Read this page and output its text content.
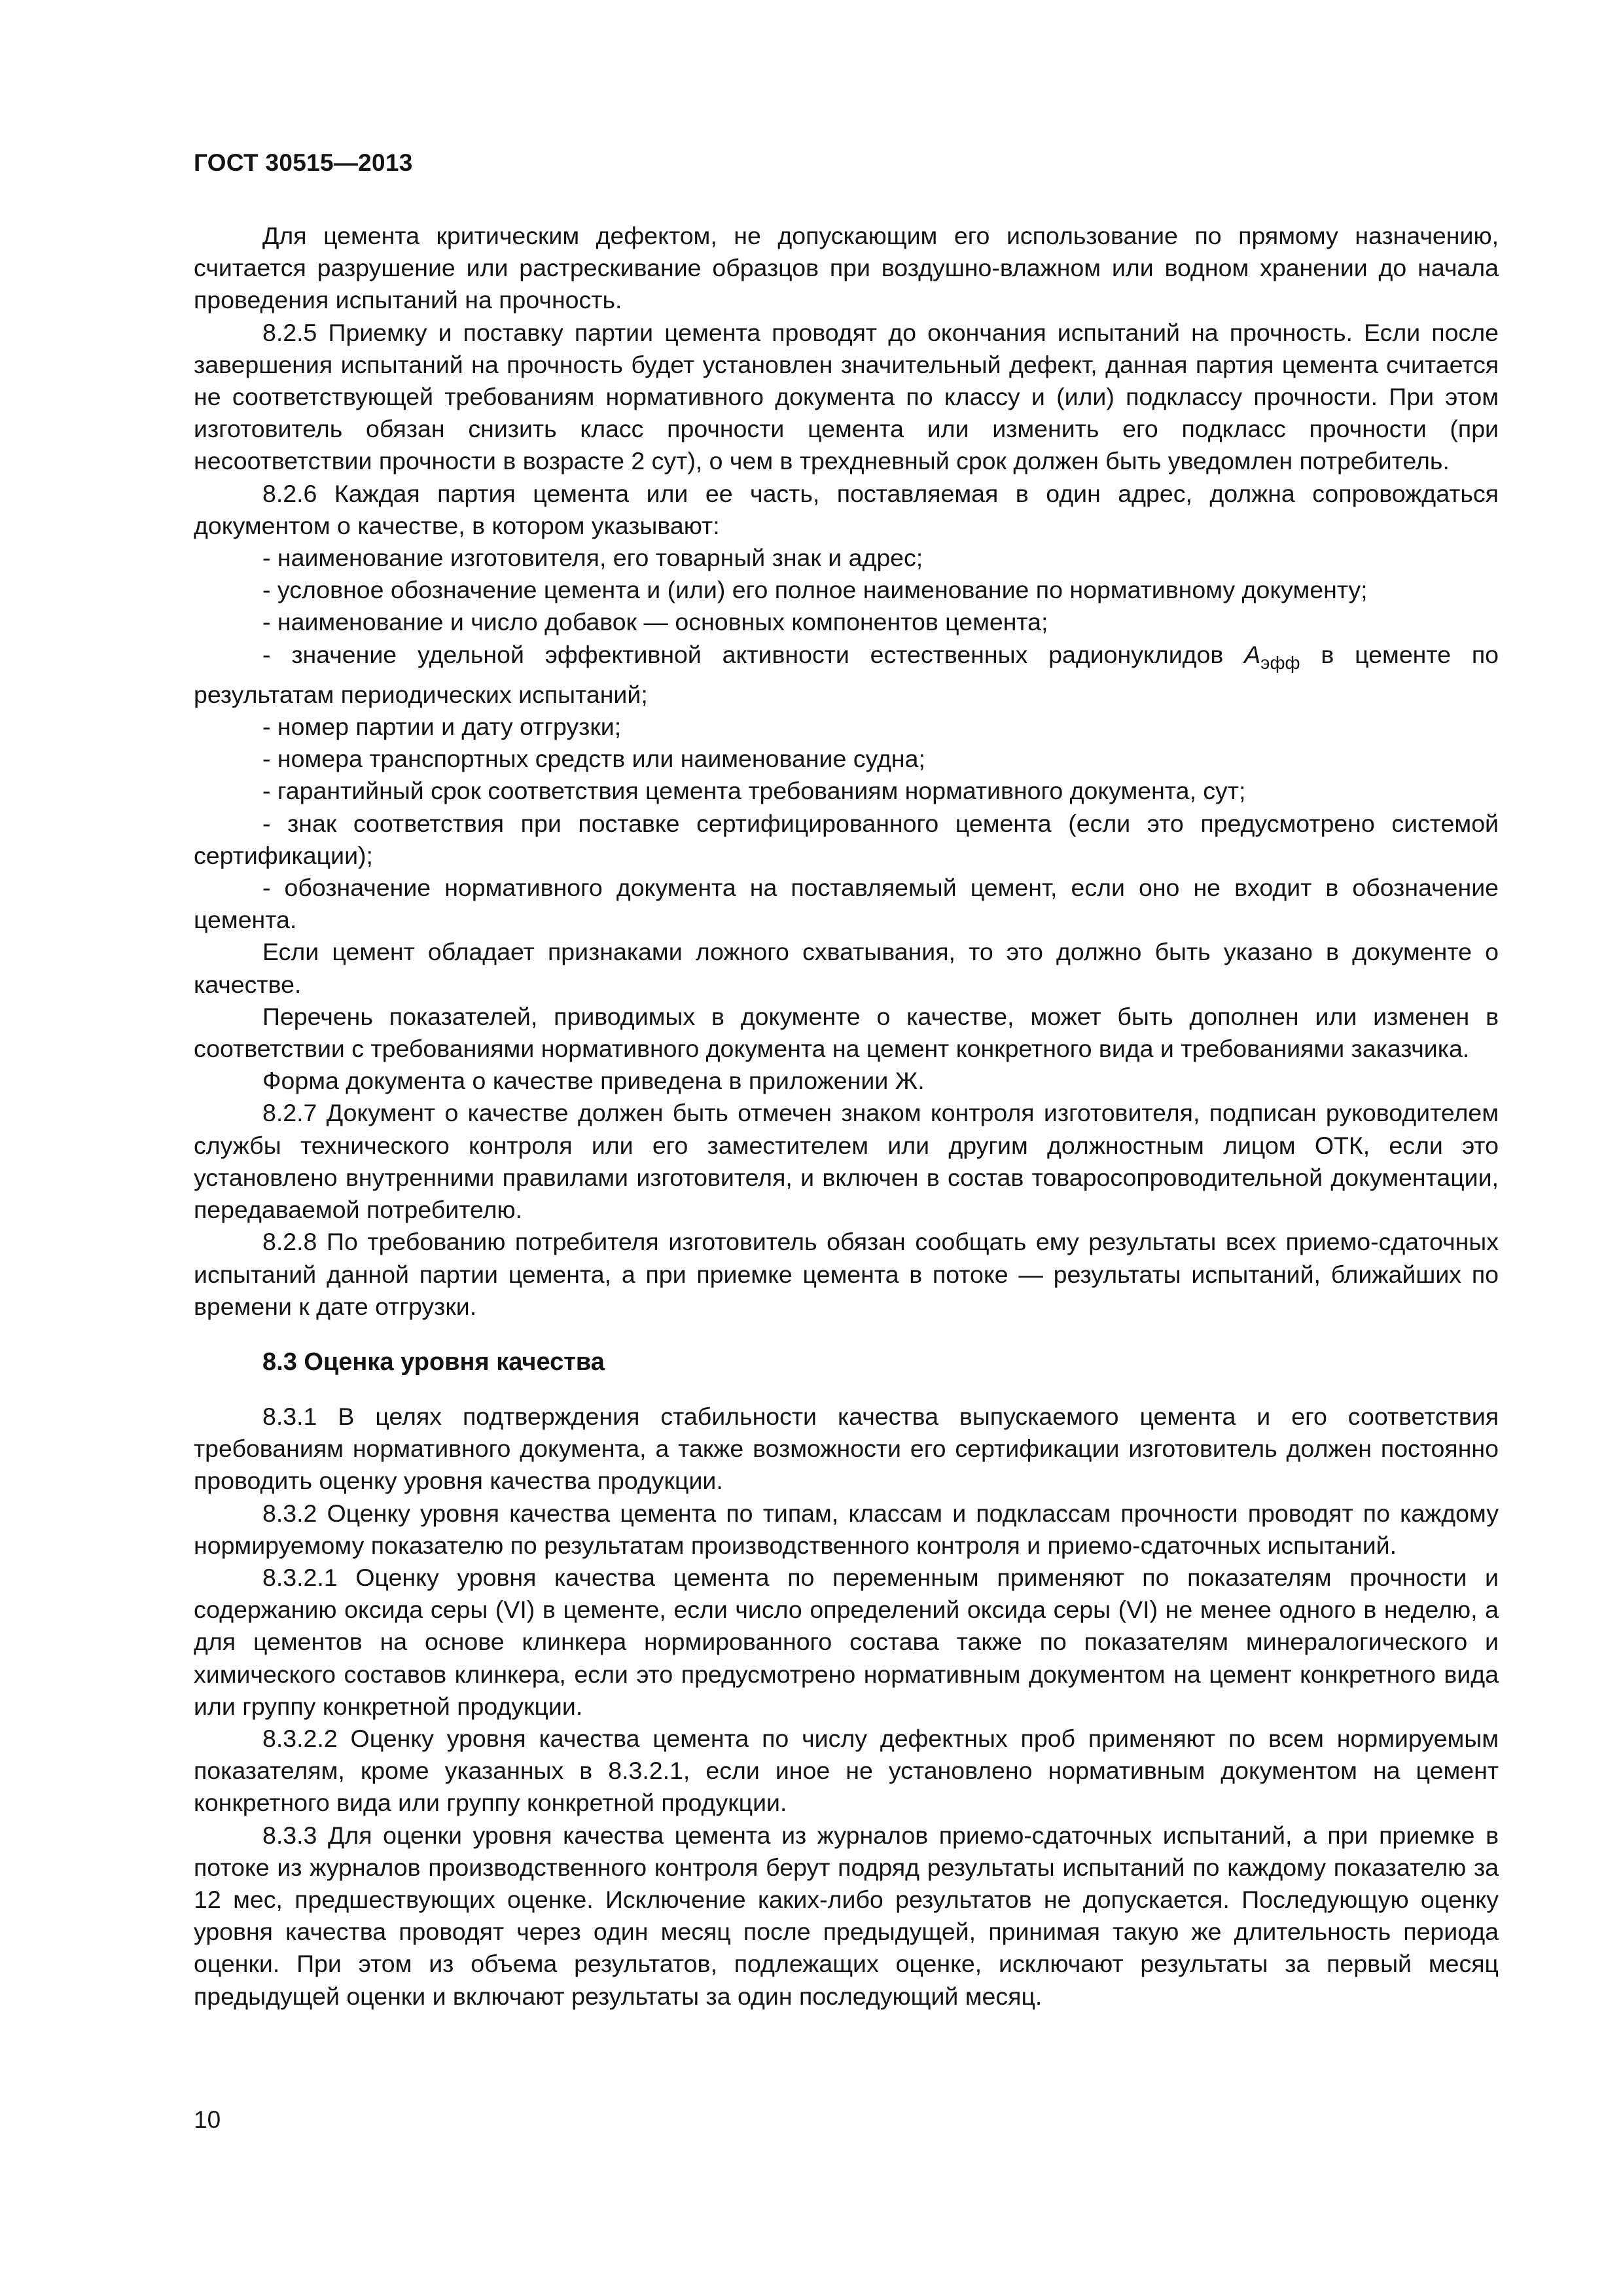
ГОСТ 30515—2013

Для цемента критическим дефектом, не допускающим его использование по прямому назначению, считается разрушение или растрескивание образцов при воздушно-влажном или водном хранении до начала проведения испытаний на прочность.

8.2.5 Приемку и поставку партии цемента проводят до окончания испытаний на прочность. Если после завершения испытаний на прочность будет установлен значительный дефект, данная партия цемента считается не соответствующей требованиям нормативного документа по классу и (или) подклассу прочности. При этом изготовитель обязан снизить класс прочности цемента или изменить его подкласс прочности (при несоответствии прочности в возрасте 2 сут), о чем в трехдневный срок должен быть уведомлен потребитель.

8.2.6 Каждая партия цемента или ее часть, поставляемая в один адрес, должна сопровождаться документом о качестве, в котором указывают:

- наименование изготовителя, его товарный знак и адрес;

- условное обозначение цемента и (или) его полное наименование по нормативному документу;

- наименование и число добавок — основных компонентов цемента;

- значение удельной эффективной активности естественных радионуклидов $A_{эфф}$ в цементе по результатам периодических испытаний;

- номер партии и дату отгрузки;

- номера транспортных средств или наименование судна;

- гарантийный срок соответствия цемента требованиям нормативного документа, сут;

- знак соответствия при поставке сертифицированного цемента (если это предусмотрено системой сертификации);

- обозначение нормативного документа на поставляемый цемент, если оно не входит в обозначение цемента.

Если цемент обладает признаками ложного схватывания, то это должно быть указано в документе о качестве.

Перечень показателей, приводимых в документе о качестве, может быть дополнен или изменен в соответствии с требованиями нормативного документа на цемент конкретного вида и требованиями заказчика.

Форма документа о качестве приведена в приложении Ж.

8.2.7 Документ о качестве должен быть отмечен знаком контроля изготовителя, подписан руководителем службы технического контроля или его заместителем или другим должностным лицом ОТК, если это установлено внутренними правилами изготовителя, и включен в состав товаросопроводительной документации, передаваемой потребителю.

8.2.8 По требованию потребителя изготовитель обязан сообщать ему результаты всех приемо-сдаточных испытаний данной партии цемента, а при приемке цемента в потоке — результаты испытаний, ближайших по времени к дате отгрузки.

8.3 Оценка уровня качества

8.3.1 В целях подтверждения стабильности качества выпускаемого цемента и его соответствия требованиям нормативного документа, а также возможности его сертификации изготовитель должен постоянно проводить оценку уровня качества продукции.

8.3.2 Оценку уровня качества цемента по типам, классам и подклассам прочности проводят по каждому нормируемому показателю по результатам производственного контроля и приемо-сдаточных испытаний.

8.3.2.1 Оценку уровня качества цемента по переменным применяют по показателям прочности и содержанию оксида серы (VI) в цементе, если число определений оксида серы (VI) не менее одного в неделю, а для цементов на основе клинкера нормированного состава также по показателям минералогического и химического составов клинкера, если это предусмотрено нормативным документом на цемент конкретного вида или группу конкретной продукции.

8.3.2.2 Оценку уровня качества цемента по числу дефектных проб применяют по всем нормируемым показателям, кроме указанных в 8.3.2.1, если иное не установлено нормативным документом на цемент конкретного вида или группу конкретной продукции.

8.3.3 Для оценки уровня качества цемента из журналов приемо-сдаточных испытаний, а при приемке в потоке из журналов производственного контроля берут подряд результаты испытаний по каждому показателю за 12 мес, предшествующих оценке. Исключение каких-либо результатов не допускается. Последующую оценку уровня качества проводят через один месяц после предыдущей, принимая такую же длительность периода оценки. При этом из объема результатов, подлежащих оценке, исключают результаты за первый месяц предыдущей оценки и включают результаты за один последующий месяц.

10
